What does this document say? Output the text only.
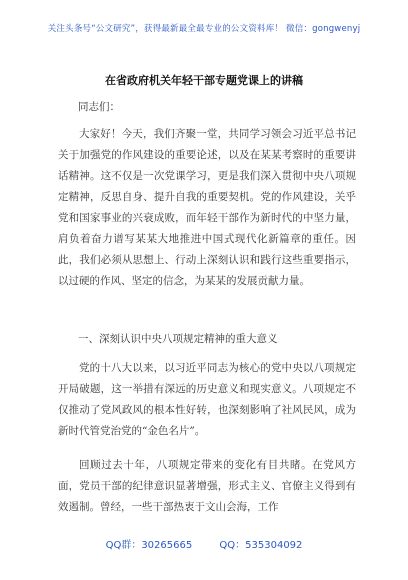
关注头条号“公文研究”，获得最新最全最专业的公文资料库！ 微信：gongwenyj
在省政府机关年轻干部专题党课上的讲稿
同志们：

大家好！今天，我们齐聚一堂，共同学习领会习近平总书记关于加强党的作风建设的重要论述，以及在某某考察时的重要讲话精神。这不仅是一次党课学习，更是我们深入贯彻中央八项规定精神，反思自身、提升自我的重要契机。党的作风建设，关乎党和国家事业的兴衰成败，而年轻干部作为新时代的中坚力量，肩负着奋力谱写某某大地推进中国式现代化新篇章的重任。因此，我们必须从思想上、行动上深刻认识和践行这些重要指示，以过硬的作风、坚定的信念，为某某的发展贡献力量。

一、深刻认识中央八项规定精神的重大意义

党的十八大以来，以习近平同志为核心的党中央以八项规定开局破题，这一举措有深远的历史意义和现实意义。八项规定不仅推动了党风政风的根本性好转，也深刻影响了社风民风，成为新时代管党治党的“金色名片”。

回顾过去十年，八项规定带来的变化有目共睹。在党风方面，党员干部的纪律意识显著增强，形式主义、官僚主义得到有效遏制。曾经，一些干部热衷于文山会海，工作

QQ群：30265665	QQ：535304092
